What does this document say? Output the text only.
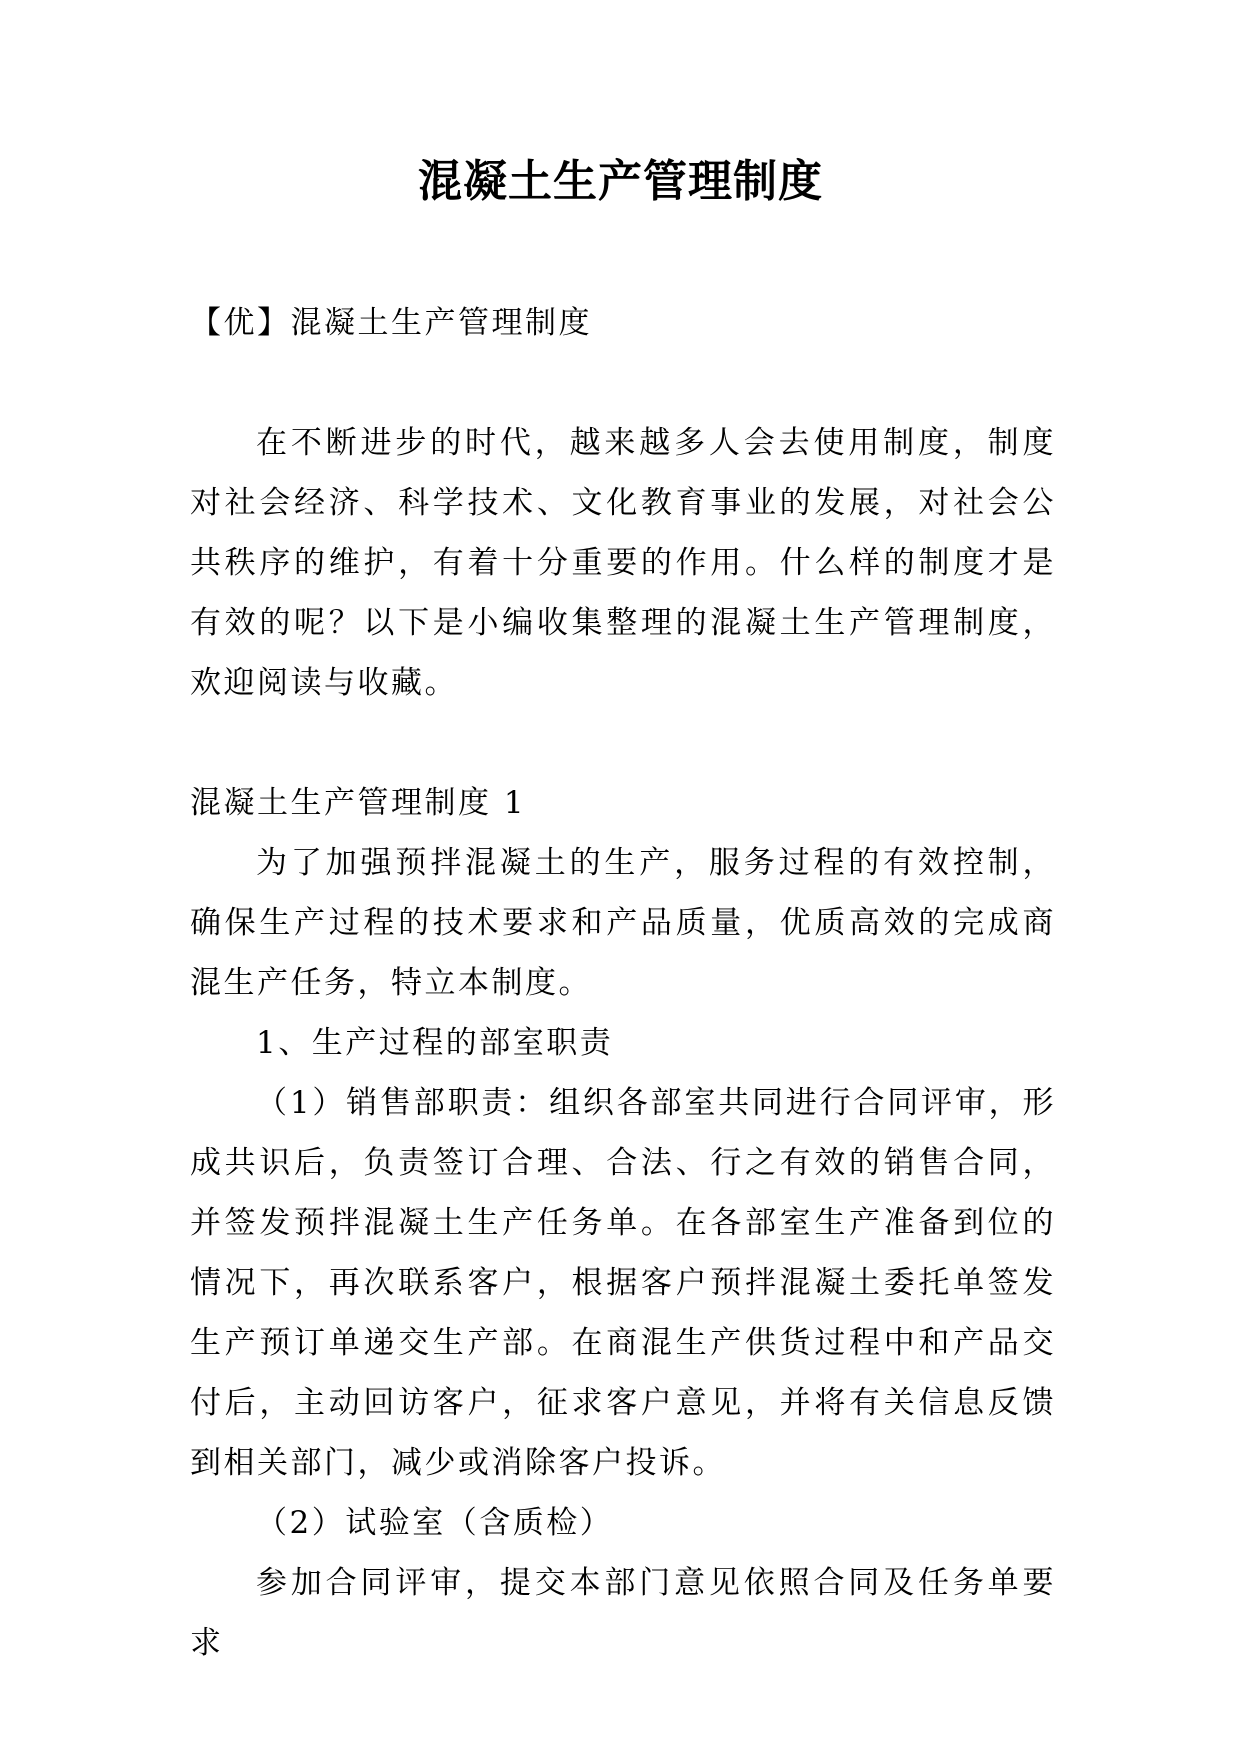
混凝土生产管理制度

【优】混凝土生产管理制度

在不断进步的时代，越来越多人会去使用制度，制度对社会经济、科学技术、文化教育事业的发展，对社会公共秩序的维护，有着十分重要的作用。什么样的制度才是有效的呢？以下是小编收集整理的混凝土生产管理制度，欢迎阅读与收藏。

混凝土生产管理制度 1

为了加强预拌混凝土的生产，服务过程的有效控制，确保生产过程的技术要求和产品质量，优质高效的完成商混生产任务，特立本制度。

1、生产过程的部室职责

（1）销售部职责：组织各部室共同进行合同评审，形成共识后，负责签订合理、合法、行之有效的销售合同，并签发预拌混凝土生产任务单。在各部室生产准备到位的情况下，再次联系客户，根据客户预拌混凝土委托单签发生产预订单递交生产部。在商混生产供货过程中和产品交付后，主动回访客户，征求客户意见，并将有关信息反馈到相关部门，减少或消除客户投诉。

（2）试验室（含质检）

参加合同评审，提交本部门意见依照合同及任务单要求
